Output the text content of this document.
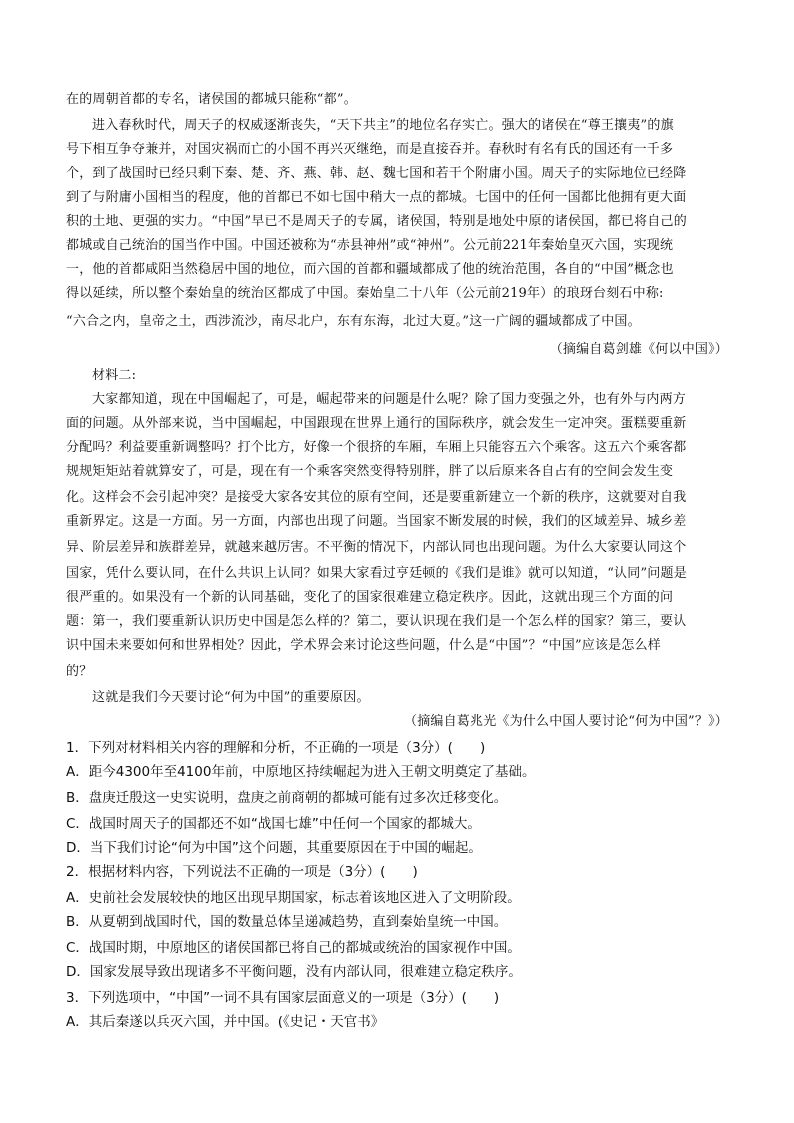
在的周朝首都的专名，诸侯国的都城只能称“都”。
进入春秋时代，周天子的权威逐渐丧失，“天下共主”的地位名存实亡。强大的诸侯在“尊王攘夷”的旗
号下相互争夺兼并，对国灾祸而亡的小国不再兴灭继绝，而是直接吞并。春秋时有名有氏的国还有一千多
个，到了战国时已经只剩下秦、楚、齐、燕、韩、赵、魏七国和若干个附庸小国。周天子的实际地位已经降
到了与附庸小国相当的程度，他的首都已不如七国中稍大一点的都城。七国中的任何一国都比他拥有更大面
积的土地、更强的实力。“中国”早已不是周天子的专属，诸侯国，特别是地处中原的诸侯国，都已将自己的
都城或自己统治的国当作中国。中国还被称为“赤县神州”或“神州”。公元前221年秦始皇灭六国，实现统
一，他的首都咸阳当然稳居中国的地位，而六国的首都和疆域都成了他的统治范围，各自的“中国”概念也
得以延续，所以整个秦始皇的统治区都成了中国。秦始皇二十八年（公元前219年）的琅玡台刻石中称:
“六合之内，皇帝之土，西涉流沙，南尽北户，东有东海，北过大夏。”这一广阔的疆域都成了中国。
（摘编自葛剑雄《何以中国》）
材料二:
大家都知道，现在中国崛起了，可是，崛起带来的问题是什么呢？除了国力变强之外，也有外与内两方
面的问题。从外部来说，当中国崛起，中国跟现在世界上通行的国际秩序，就会发生一定冲突。蛋糕要重新
分配吗？利益要重新调整吗？打个比方，好像一个很挤的车厢，车厢上只能容五六个乘客。这五六个乘客都
规规矩矩站着就算安了，可是，现在有一个乘客突然变得特别胖，胖了以后原来各自占有的空间会发生变
化。这样会不会引起冲突？是接受大家各安其位的原有空间，还是要重新建立一个新的秩序，这就要对自我
重新界定。这是一方面。另一方面，内部也出现了问题。当国家不断发展的时候，我们的区域差异、城乡差
异、阶层差异和族群差异，就越来越厉害。不平衡的情况下，内部认同也出现问题。为什么大家要认同这个
国家，凭什么要认同，在什么共识上认同？如果大家看过亨廷顿的《我们是谁》就可以知道，“认同”问题是
很严重的。如果没有一个新的认同基础，变化了的国家很难建立稳定秩序。因此，这就出现三个方面的问
题：第一，我们要重新认识历史中国是怎么样的？第二，要认识现在我们是一个怎么样的国家？第三，要认
识中国未来要如何和世界相处？因此，学术界会来讨论这些问题，什么是“中国”？“中国”应该是怎么样
的？
这就是我们今天要讨论“何为中国”的重要原因。
（摘编自葛兆光《为什么中国人要讨论“何为中国”？》）
1．下列对材料相关内容的理解和分析，不正确的一项是（3分）(　　)
A．距今4300年至4100年前，中原地区持续崛起为进入王朝文明奠定了基础。
B．盘庚迁殷这一史实说明，盘庚之前商朝的都城可能有过多次迁移变化。
C．战国时周天子的国都还不如“战国七雄”中任何一个国家的都城大。
D．当下我们讨论“何为中国”这个问题，其重要原因在于中国的崛起。
2．根据材料内容，下列说法不正确的一项是（3分）(　　)
A．史前社会发展较快的地区出现早期国家，标志着该地区进入了文明阶段。
B．从夏朝到战国时代，国的数量总体呈递减趋势，直到秦始皇统一中国。
C．战国时期，中原地区的诸侯国都已将自己的都城或统治的国家视作中国。
D．国家发展导致出现诸多不平衡问题，没有内部认同，很难建立稳定秩序。
3．下列选项中，“中国”一词不具有国家层面意义的一项是（3分）(　　)
A．其后秦遂以兵灭六国，并中国。(《史记・天官书》
